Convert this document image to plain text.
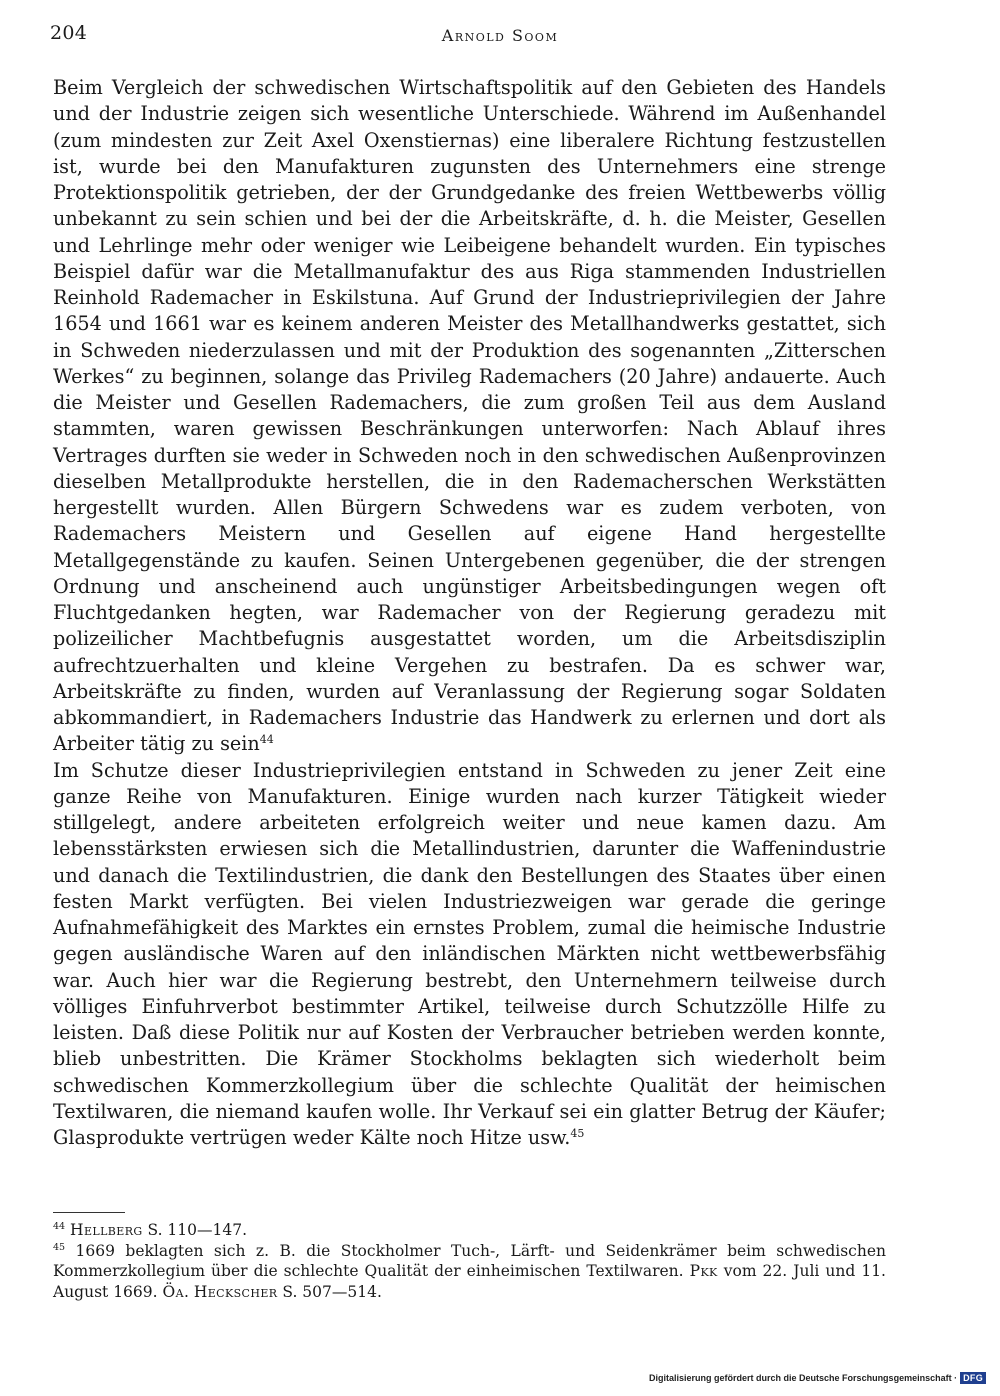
204	Arnold Soom

Beim Vergleich der schwedischen Wirtschaftspolitik auf den Gebieten des Handels und der Industrie zeigen sich wesentliche Unterschiede. Während im Außenhandel (zum mindesten zur Zeit Axel Oxenstiernas) eine liberalere Richtung festzustellen ist, wurde bei den Manufakturen zugunsten des Unternehmers eine strenge Protektionspolitik getrieben, der der Grundgedanke des freien Wettbewerbs völlig unbekannt zu sein schien und bei der die Arbeitskräfte, d. h. die Meister, Gesellen und Lehrlinge mehr oder weniger wie Leibeigene behandelt wurden. Ein typisches Beispiel dafür war die Metallmanufaktur des aus Riga stammenden Industriellen Reinhold Rademacher in Eskilstuna. Auf Grund der Industrieprivilegien der Jahre 1654 und 1661 war es keinem anderen Meister des Metallhandwerks gestattet, sich in Schweden niederzulassen und mit der Produktion des sogenannten „Zitterschen Werkes“ zu beginnen, solange das Privileg Rademachers (20 Jahre) andauerte. Auch die Meister und Gesellen Rademachers, die zum großen Teil aus dem Ausland stammten, waren gewissen Beschränkungen unterworfen: Nach Ablauf ihres Vertrages durften sie weder in Schweden noch in den schwedischen Außenprovinzen dieselben Metallprodukte herstellen, die in den Rademacherschen Werkstätten hergestellt wurden. Allen Bürgern Schwedens war es zudem verboten, von Rademachers Meistern und Gesellen auf eigene Hand hergestellte Metallgegenstände zu kaufen. Seinen Untergebenen gegenüber, die der strengen Ordnung und anscheinend auch ungünstiger Arbeitsbedingungen wegen oft Fluchtgedanken hegten, war Rademacher von der Regierung geradezu mit polizeilicher Machtbefugnis ausgestattet worden, um die Arbeitsdisziplin aufrechtzuerhalten und kleine Vergehen zu bestrafen. Da es schwer war, Arbeitskräfte zu finden, wurden auf Veranlassung der Regierung sogar Soldaten abkommandiert, in Rademachers Industrie das Handwerk zu erlernen und dort als Arbeiter tätig zu sein$^{44}$

Im Schutze dieser Industrieprivilegien entstand in Schweden zu jener Zeit eine ganze Reihe von Manufakturen. Einige wurden nach kurzer Tätigkeit wieder stillgelegt, andere arbeiteten erfolgreich weiter und neue kamen dazu. Am lebensstärksten erwiesen sich die Metallindustrien, darunter die Waffenindustrie und danach die Textilindustrien, die dank den Bestellungen des Staates über einen festen Markt verfügten. Bei vielen Industriezweigen war gerade die geringe Aufnahmefähigkeit des Marktes ein ernstes Problem, zumal die heimische Industrie gegen ausländische Waren auf den inländischen Märkten nicht wettbewerbsfähig war. Auch hier war die Regierung bestrebt, den Unternehmern teilweise durch völliges Einfuhrverbot bestimmter Artikel, teilweise durch Schutzzölle Hilfe zu leisten. Daß diese Politik nur auf Kosten der Verbraucher betrieben werden konnte, blieb unbestritten. Die Krämer Stockholms beklagten sich wiederholt beim schwedischen Kommerzkollegium über die schlechte Qualität der heimischen Textilwaren, die niemand kaufen wolle. Ihr Verkauf sei ein glatter Betrug der Käufer; Glasprodukte vertrügen weder Kälte noch Hitze usw.$^{45}$

$^{44}$ Hellberg S. 110—147.

$^{45}$ 1669 beklagten sich z. B. die Stockholmer Tuch-, Lärft- und Seidenkrämer beim schwedischen Kommerzkollegium über die schlechte Qualität der einheimischen Textilwaren. Pkk vom 22. Juli und 11. August 1669. Öa. Heckscher S. 507—514.

Digitalisierung gefördert durch die Deutsche Forschungsgemeinschaft · DFG
